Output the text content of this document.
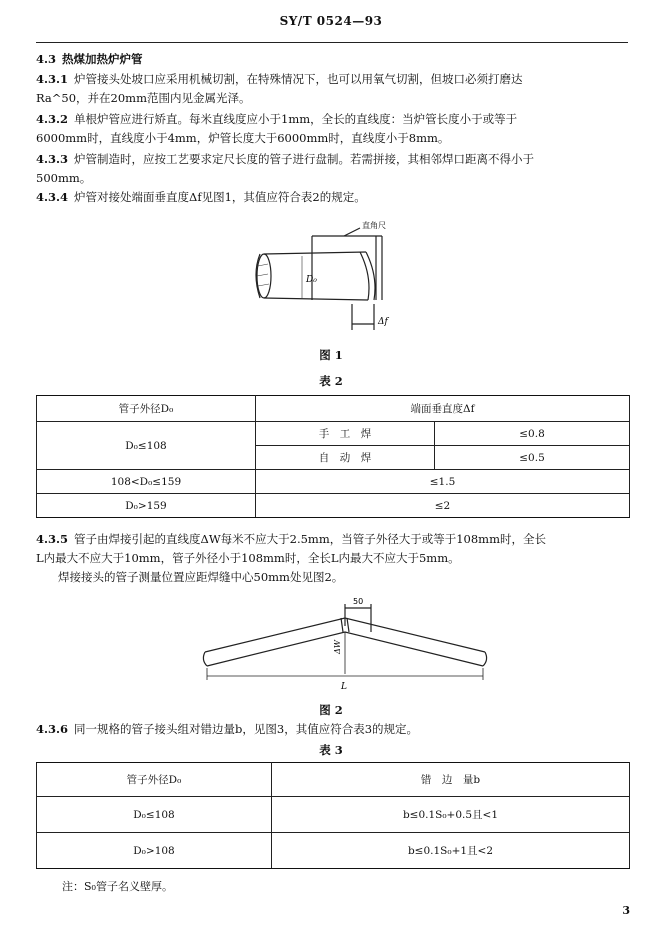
SY/T 0524—93
4.3 热煤加热炉炉管
4.3.1 炉管接头处坡口应采用机械切割，在特殊情况下，也可以用氧气切割，但坡口必须打磨达
Ra^50，并在20mm范围内见金属光泽。
4.3.2 单根炉管应进行矫直。每米直线度应小于1mm，全长的直线度：当炉管长度小于或等于
6000mm时，直线度小于4mm，炉管长度大于6000mm时，直线度小于8mm。
4.3.3 炉管制造时，应按工艺要求定尺长度的管子进行盘制。若需拼接，其相邻焊口距离不得小于
500mm。
4.3.4 炉管对接处端面垂直度Δf见图1，其值应符合表2的规定。
直角尺
D₀
Δf
图 1
表 2
管子外径D₀	端面垂直度Δf	
D₀≤108	手　工　焊	≤0.8
	自　动　焊	≤0.5
108<D₀≤159	≤1.5	
D₀>159	≤2	
4.3.5 管子由焊接引起的直线度ΔW每米不应大于2.5mm，当管子外径大于或等于108mm时，全长
L内最大不应大于10mm，管子外径小于108mm时，全长L内最大不应大于5mm。
焊接接头的管子测量位置应距焊缝中心50mm处见图2。
50
ΔW
L
图 2
4.3.6 同一规格的管子接头组对错边量b，见图3，其值应符合表3的规定。
表 3
管子外径D₀	错　边　量b
D₀≤108	b≤0.1S₀+0.5且<1
D₀>108	b≤0.1S₀+1且<2
注：S₀管子名义壁厚。
3
